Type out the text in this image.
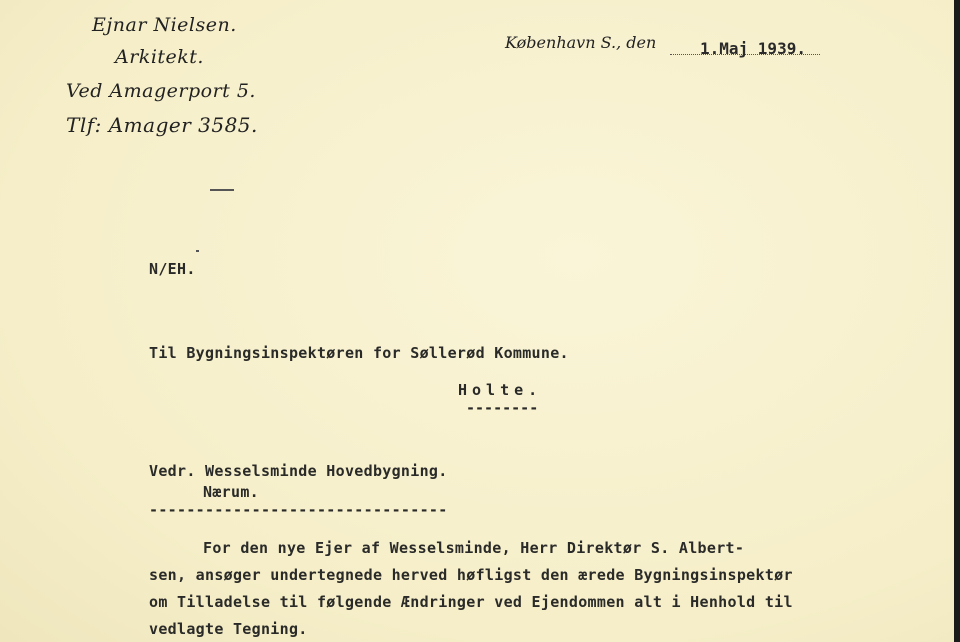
Ejnar Nielsen.
Arkitekt.
Ved Amagerport 5.
Tlf: Amager 3585.
København S., den	1.Maj 1939.
N/EH.
Til Bygningsinspektøren for Søllerød Kommune.
Holte.
--------
Vedr. Wesselsminde Hovedbygning.
Nærum.
--------------------------------
For den nye Ejer af Wesselsminde, Herr Direktør S. Albert-
sen, ansøger undertegnede herved høfligst den ærede Bygningsinspektør
om Tilladelse til følgende Ændringer ved Ejendommen alt i Henhold til
vedlagte Tegning.
